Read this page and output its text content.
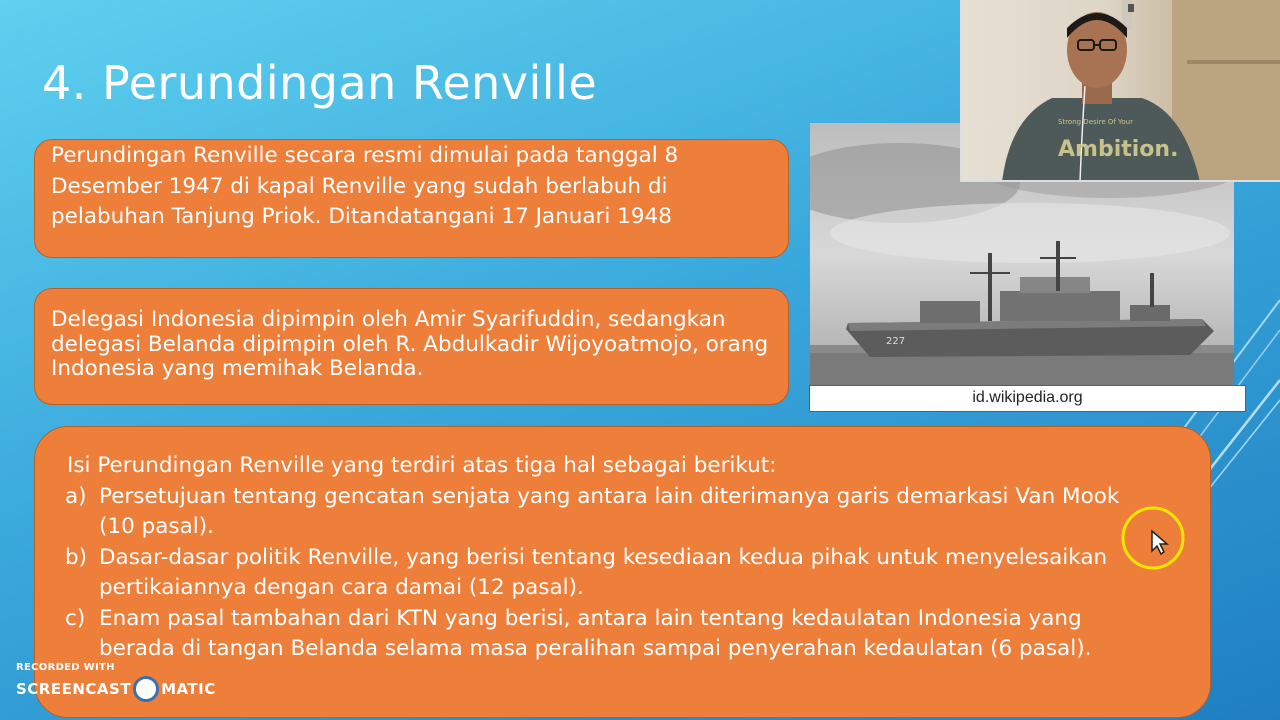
4. Perundingan Renville
Perundingan Renville secara resmi dimulai pada tanggal 8 Desember 1947 di kapal Renville yang sudah berlabuh di pelabuhan Tanjung Priok. Ditandatangani 17 Januari 1948
Delegasi Indonesia dipimpin oleh Amir Syarifuddin, sedangkan delegasi Belanda dipimpin oleh R. Abdulkadir Wijoyoatmojo, orang Indonesia yang memihak Belanda.
Isi Perundingan Renville yang terdiri atas tiga hal sebagai berikut:
a) Persetujuan tentang gencatan senjata yang antara lain diterimanya garis demarkasi Van Mook (10 pasal).
b) Dasar-dasar politik Renville, yang berisi tentang kesediaan kedua pihak untuk menyelesaikan pertikaiannya dengan cara damai (12 pasal).
c) Enam pasal tambahan dari KTN yang berisi, antara lain tentang kedaulatan Indonesia yang berada di tangan Belanda selama masa peralihan sampai penyerahan kedaulatan (6 pasal).
227
id.wikipedia.org
Strong Desire Of Your
Ambition.
RECORDED WITH
SCREENCAST MATIC
